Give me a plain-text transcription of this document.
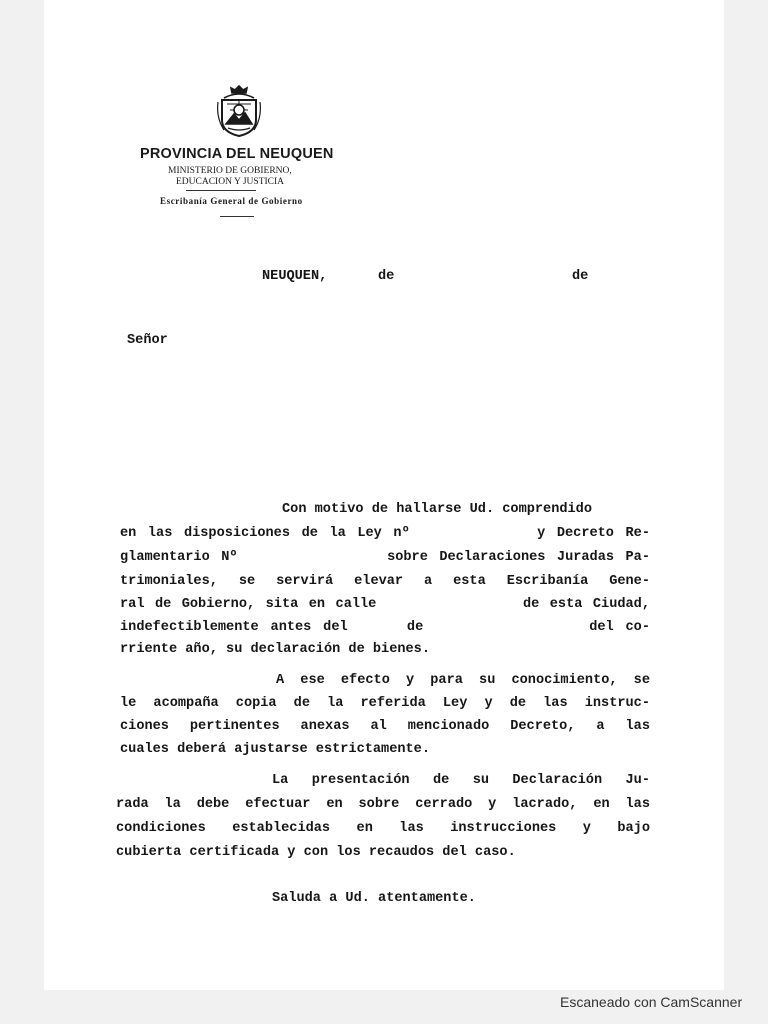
PROVINCIA DEL NEUQUEN
MINISTERIO DE GOBIERNO,
EDUCACION Y JUSTICIA
Escribanía General de Gobierno
NEUQUEN,	de	de
Señor
Con motivo de hallarse Ud. comprendido
en las disposiciones de la Ley nº           y Decreto Re-
glamentario Nº             sobre Declaraciones Juradas Pa-
trimoniales, se servirá elevar a esta Escribanía Gene-
ral de Gobierno, sita en calle              de esta Ciudad,
indefectiblemente antes del     de              del co-
rriente año, su declaración de bienes.
A ese efecto y para su conocimiento, se
le acompaña copia de la referida Ley y de las instruc-
ciones pertinentes anexas al mencionado Decreto, a las
cuales deberá ajustarse estrictamente.
La presentación de su Declaración Ju-
rada la debe efectuar en sobre cerrado y lacrado, en las
condiciones establecidas en las instrucciones y bajo
cubierta certificada y con los recaudos del caso.
Saluda a Ud. atentamente.
Escaneado con CamScanner
